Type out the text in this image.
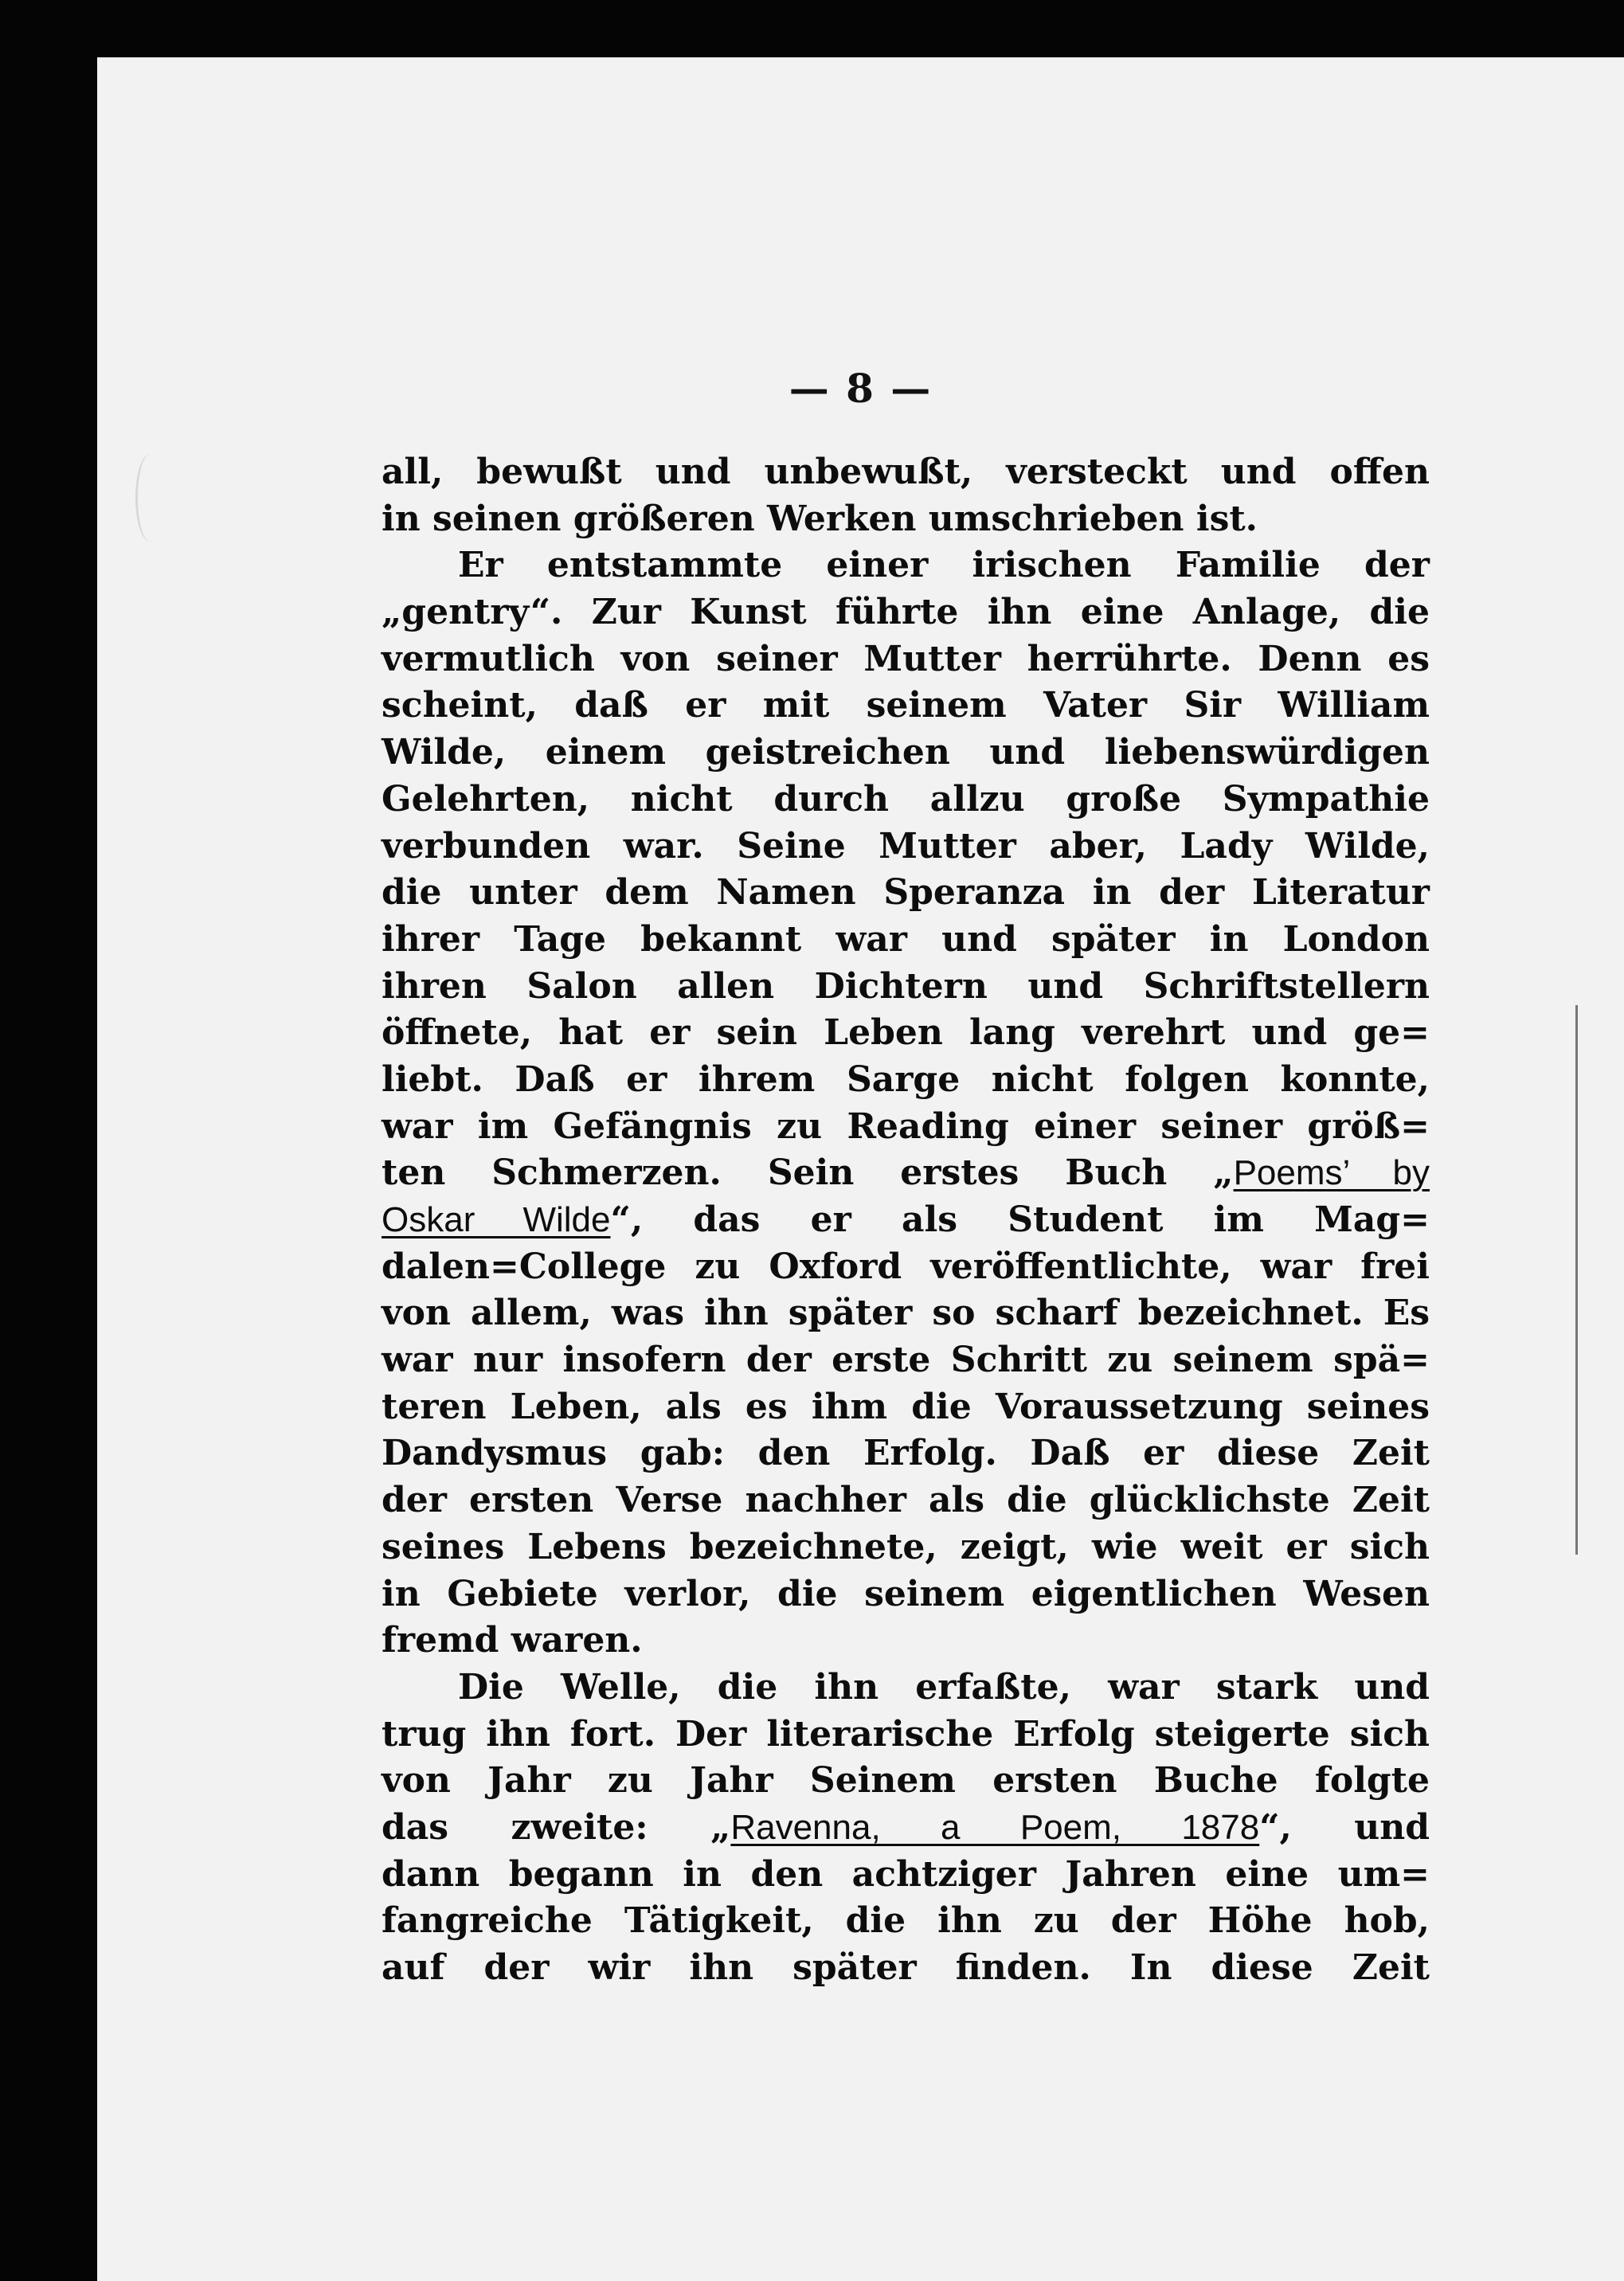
— 8 —
all, bewußt und unbewußt, versteckt und offen
in seinen größeren Werken umschrieben ist.
Er entstammte einer irischen Familie der
„gentry“. Zur Kunst führte ihn eine Anlage, die
vermutlich von seiner Mutter herrührte. Denn es
scheint, daß er mit seinem Vater Sir William
Wilde, einem geistreichen und liebenswürdigen
Gelehrten, nicht durch allzu große Sympathie
verbunden war. Seine Mutter aber, Lady Wilde,
die unter dem Namen Speranza in der Literatur
ihrer Tage bekannt war und später in London
ihren Salon allen Dichtern und Schriftstellern
öffnete, hat er sein Leben lang verehrt und ge=
liebt. Daß er ihrem Sarge nicht folgen konnte,
war im Gefängnis zu Reading einer seiner größ=
ten Schmerzen. Sein erstes Buch „Poems’ by
Oskar Wilde“, das er als Student im Mag=
dalen=College zu Oxford veröffentlichte, war frei
von allem, was ihn später so scharf bezeichnet. Es
war nur insofern der erste Schritt zu seinem spä=
teren Leben, als es ihm die Voraussetzung seines
Dandysmus gab: den Erfolg. Daß er diese Zeit
der ersten Verse nachher als die glücklichste Zeit
seines Lebens bezeichnete, zeigt, wie weit er sich
in Gebiete verlor, die seinem eigentlichen Wesen
fremd waren.
Die Welle, die ihn erfaßte, war stark und
trug ihn fort. Der literarische Erfolg steigerte sich
von Jahr zu Jahr Seinem ersten Buche folgte
das zweite: „Ravenna, a Poem, 1878“, und
dann begann in den achtziger Jahren eine um=
fangreiche Tätigkeit, die ihn zu der Höhe hob,
auf der wir ihn später finden. In diese Zeit
